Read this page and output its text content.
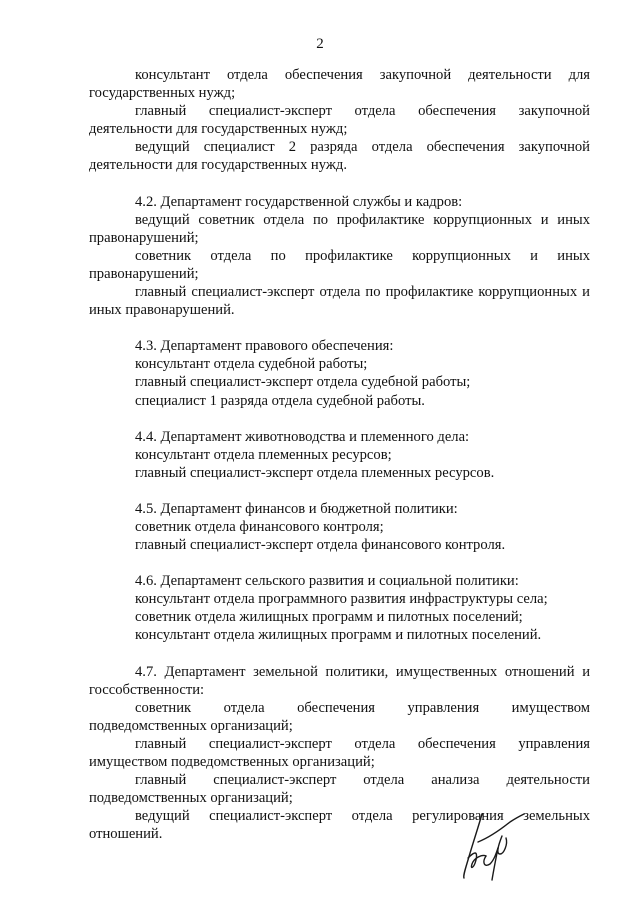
2

консультант отдела обеспечения закупочной деятельности для государственных нужд;

главный специалист-эксперт отдела обеспечения закупочной деятельности для государственных нужд;

ведущий специалист 2 разряда отдела обеспечения закупочной деятельности для государственных нужд.

4.2. Департамент государственной службы и кадров:

ведущий советник отдела по профилактике коррупционных и иных правонарушений;

советник отдела по профилактике коррупционных и иных правонарушений;

главный специалист-эксперт отдела по профилактике коррупционных и иных правонарушений.

4.3. Департамент правового обеспечения:

консультант отдела судебной работы;

главный специалист-эксперт отдела судебной работы;

специалист 1 разряда отдела судебной работы.

4.4. Департамент животноводства и племенного дела:

консультант отдела племенных ресурсов;

главный специалист-эксперт отдела племенных ресурсов.

4.5. Департамент финансов и бюджетной политики:

советник отдела финансового контроля;

главный специалист-эксперт отдела финансового контроля.

4.6. Департамент сельского развития и социальной политики:

консультант отдела программного развития инфраструктуры села;

советник отдела жилищных программ и пилотных поселений;

консультант отдела жилищных программ и пилотных поселений.

4.7. Департамент земельной политики, имущественных отношений и госсобственности:

советник отдела обеспечения управления имуществом подведомственных организаций;

главный специалист-эксперт отдела обеспечения управления имуществом подведомственных организаций;

главный специалист-эксперт отдела анализа деятельности подведомственных организаций;

ведущий специалист-эксперт отдела регулирования земельных отношений.
